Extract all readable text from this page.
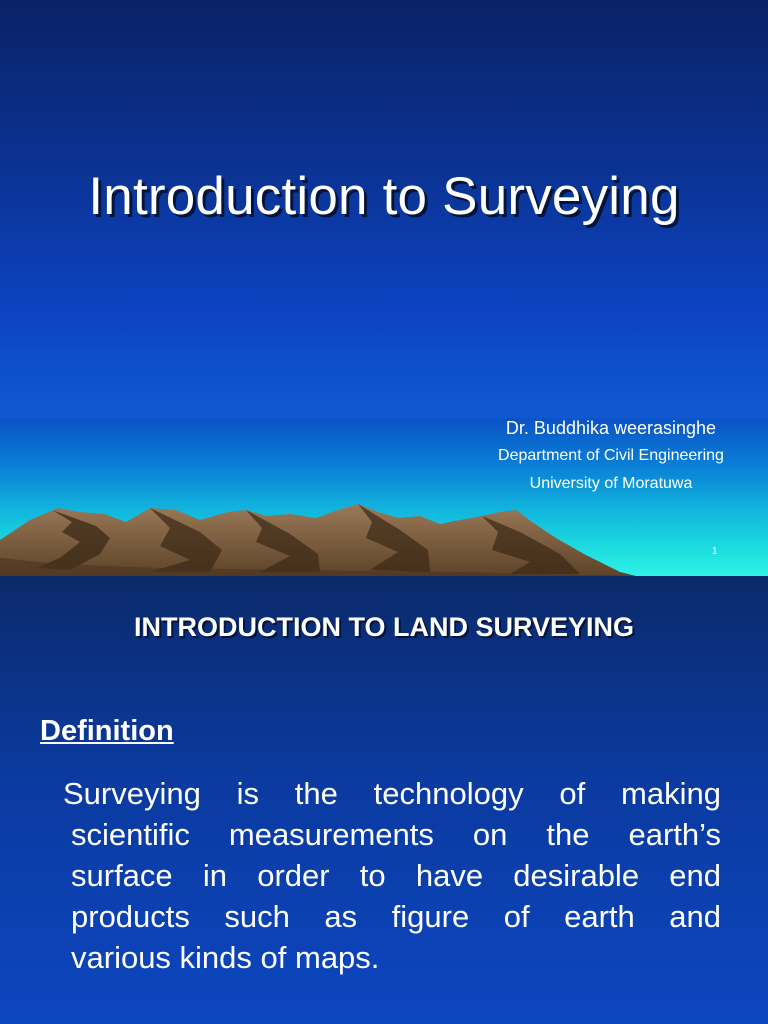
Introduction to Surveying
Dr. Buddhika weerasinghe
Department of Civil Engineering
University of Moratuwa
1
INTRODUCTION TO LAND SURVEYING
Definition

Surveying is the technology of making
scientific measurements on the earth’s
surface in order to have desirable end
products such as figure of earth and
various kinds of maps.
